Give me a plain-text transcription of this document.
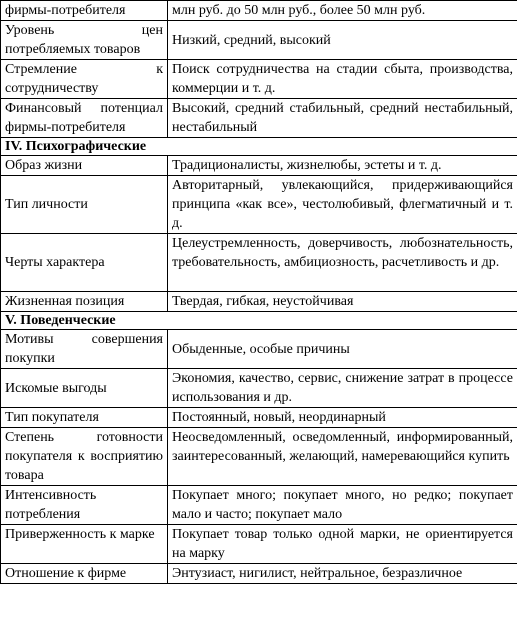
фирмы-потребителя	млн руб. до 50 млн руб., более 50 млн руб.
Уровень цен потребляемых товаров	Низкий, средний, высокий
Стремление к сотрудничеству	Поиск сотрудничества на стадии сбыта, производства, коммерции и т. д.
Финансовый потенциал фирмы-потребителя	Высокий, средний стабильный, средний нестабильный, нестабильный
IV. Психографические	
Образ жизни	Традиционалисты, жизнелюбы, эстеты и т. д.
Тип личности	Авторитарный, увлекающийся, придерживающийся принципа «как все», честолюбивый, флегматичный и т. д.
Черты характера	Целеустремленность, доверчивость, любознательность, требовательность, амбициозность, расчетливость и др.
Жизненная позиция	Твердая, гибкая, неустойчивая
V. Поведенческие	
Мотивы совершения покупки	Обыденные, особые причины
Искомые выгоды	Экономия, качество, сервис, снижение затрат в процессе использования и др.
Тип покупателя	Постоянный, новый, неординарный
Степень готовности покупателя к восприятию товара	Неосведомленный, осведомленный, информированный, заинтересованный, желающий, намеревающийся купить
Интенсивность потребления	Покупает много; покупает много, но редко; покупает мало и часто; покупает мало
Приверженность к марке	Покупает товар только одной марки, не ориентируется на марку
Отношение к фирме	Энтузиаст, нигилист, нейтральное, безразличное
